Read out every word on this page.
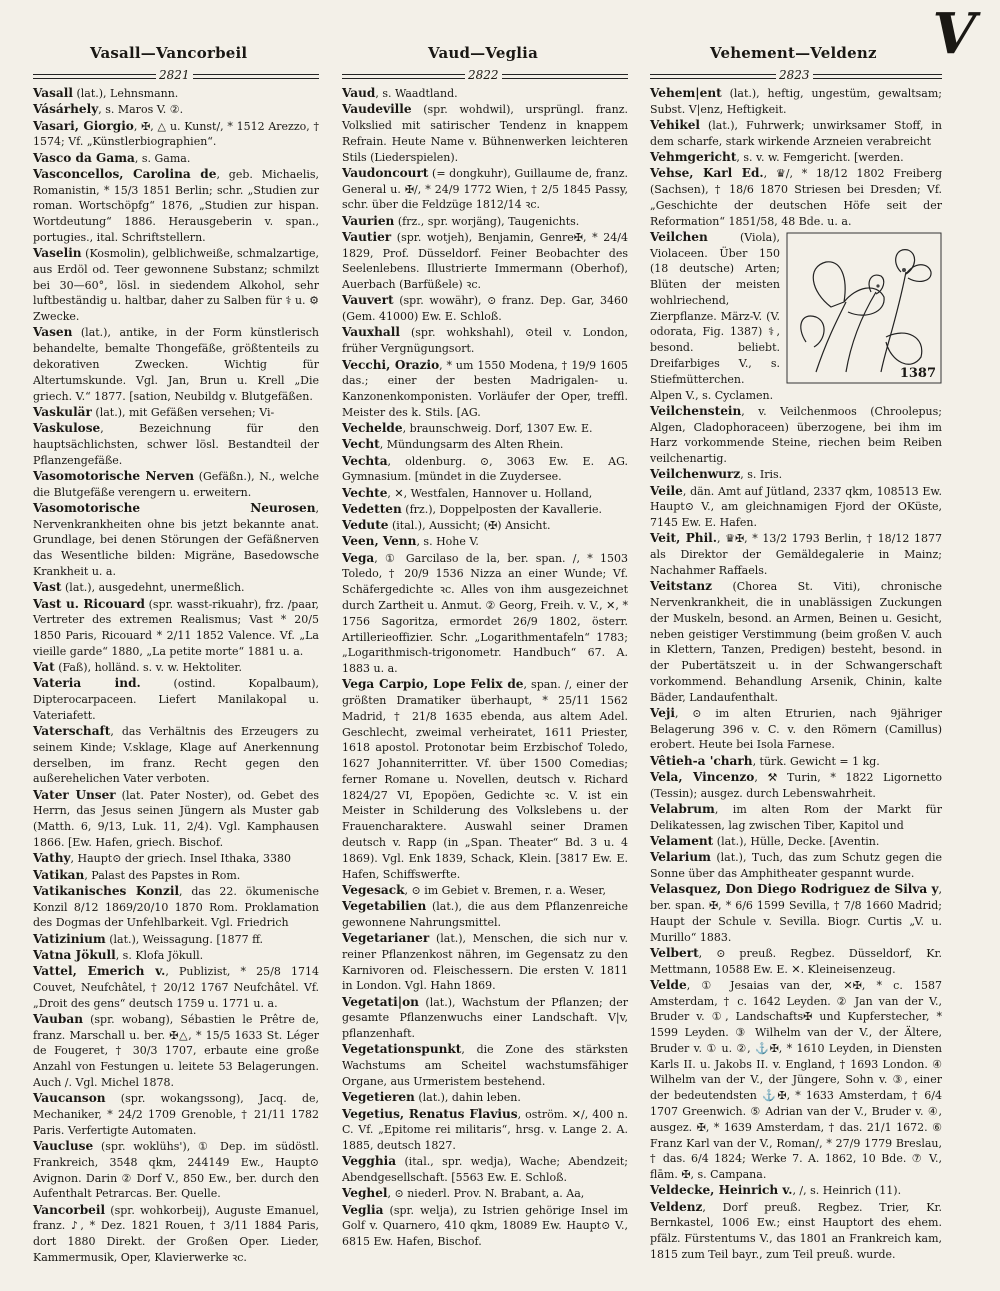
Vasall—Vancorbeil	Vaud—Veglia	Vehement—Veldenz V
2821	2822	2823

Vasall (lat.), Lehnsmann.

Vásárhely, s. Maros V. ②.

Vasari, Giorgio, ✠, △ u. Kunst/, * 1512 Arezzo, † 1574; Vf. „Künstlerbiographien“.

Vasco da Gama, s. Gama.

Vasconcellos, Carolina de, geb. Michaelis, Romanistin, * 15/3 1851 Berlin; schr. „Studien zur roman. Wortschöpfg“ 1876, „Studien zur hispan. Wortdeutung“ 1886. Herausgeberin v. span., portugies., ital. Schriftstellern.

Vaselin (Kosmolin), gelblichweiße, schmalzartige, aus Erdöl od. Teer gewonnene Substanz; schmilzt bei 30—60°, lösl. in siedendem Alkohol, sehr luftbeständig u. haltbar, daher zu Salben für ⚕ u. ⚙ Zwecke.

Vasen (lat.), antike, in der Form künstlerisch behandelte, bemalte Thongefäße, größtenteils zu dekorativen Zwecken. Wichtig für Altertumskunde. Vgl. Jan, Brun u. Krell „Die griech. V.“ 1877. [sation, Neubildg v. Blutgefäßen.

Vaskulär (lat.), mit Gefäßen versehen; Vi-

Vaskulose, Bezeichnung für den hauptsächlichsten, schwer lösl. Bestandteil der Pflanzengefäße.

Vasomotorische Nerven (Gefäßn.), N., welche die Blutgefäße verengern u. erweitern.

Vasomotorische Neurosen, Nervenkrankheiten ohne bis jetzt bekannte anat. Grundlage, bei denen Störungen der Gefäßnerven das Wesentliche bilden: Migräne, Basedowsche Krankheit u. a.

Vast (lat.), ausgedehnt, unermeßlich.

Vast u. Ricouard (spr. wasst-rikuahr), frz. /paar, Vertreter des extremen Realismus; Vast * 20/5 1850 Paris, Ricouard * 2/11 1852 Valence. Vf. „La vieille garde“ 1880, „La petite morte“ 1881 u. a.

Vat (Faß), holländ. s. v. w. Hektoliter.

Vateria ind. (ostind. Kopalbaum), Dipterocarpaceen. Liefert Manilakopal u. Vateriafett.

Vaterschaft, das Verhältnis des Erzeugers zu seinem Kinde; V.sklage, Klage auf Anerkennung derselben, im franz. Recht gegen den außerehelichen Vater verboten.

Vater Unser (lat. Pater Noster), od. Gebet des Herrn, das Jesus seinen Jüngern als Muster gab (Matth. 6, 9/13, Luk. 11, 2/4). Vgl. Kamphausen 1866. [Ew. Hafen, griech. Bischof.

Vathy, Haupt⊙ der griech. Insel Ithaka, 3380

Vatikan, Palast des Papstes in Rom.

Vatikanisches Konzil, das 22. ökumenische Konzil 8/12 1869/20/10 1870 Rom. Proklamation des Dogmas der Unfehlbarkeit. Vgl. Friedrich

Vatizinium (lat.), Weissagung. [1877 ff.

Vatna Jökull, s. Klofa Jökull.

Vattel, Emerich v., Publizist, * 25/8 1714 Couvet, Neufchâtel, † 20/12 1767 Neufchâtel. Vf. „Droit des gens“ deutsch 1759 u. 1771 u. a.

Vauban (spr. wobang), Sébastien le Prêtre de, franz. Marschall u. ber. ✠△, * 15/5 1633 St. Léger de Fougeret, † 30/3 1707, erbaute eine große Anzahl von Festungen u. leitete 53 Belagerungen. Auch /. Vgl. Michel 1878.

Vaucanson (spr. wokangssong), Jacq. de, Mechaniker, * 24/2 1709 Grenoble, † 21/11 1782 Paris. Verfertigte Automaten.

Vaucluse (spr. woklühs'), ① Dep. im südöstl. Frankreich, 3548 qkm, 244149 Ew., Haupt⊙ Avignon. Darin ② Dorf V., 850 Ew., ber. durch den Aufenthalt Petrarcas. Ber. Quelle.

Vancorbeil (spr. wohkorbeij), Auguste Emanuel, franz. ♪, * Dez. 1821 Rouen, † 3/11 1884 Paris, dort 1880 Direkt. der Großen Oper. Lieder, Kammermusik, Oper, Klavierwerke ꝛc.

Vaud, s. Waadtland.

Vaudeville (spr. wohdwil), ursprüngl. franz. Volkslied mit satirischer Tendenz in knappem Refrain. Heute Name v. Bühnenwerken leichteren Stils (Liederspielen).

Vaudoncourt (= dongkuhr), Guillaume de, franz. General u. ✠/, * 24/9 1772 Wien, † 2/5 1845 Passy, schr. über die Feldzüge 1812/14 ꝛc.

Vaurien (frz., spr. worjäng), Taugenichts.

Vautier (spr. wotjeh), Benjamin, Genre✠, * 24/4 1829, Prof. Düsseldorf. Feiner Beobachter des Seelenlebens. Illustrierte Immermann (Oberhof), Auerbach (Barfüßele) ꝛc.

Vauvert (spr. wowähr), ⊙ franz. Dep. Gar, 3460 (Gem. 41000) Ew. E. Schloß.

Vauxhall (spr. wohkshahl), ⊙teil v. London, früher Vergnügungsort.

Vecchi, Orazio, * um 1550 Modena, † 19/9 1605 das.; einer der besten Madrigalen- u. Kanzonenkomponisten. Vorläufer der Oper, treffl. Meister des k. Stils. [AG.

Vechelde, braunschweig. Dorf, 1307 Ew. E.

Vecht, Mündungsarm des Alten Rhein.

Vechta, oldenburg. ⊙, 3063 Ew. E. AG. Gymnasium. [mündet in die Zuydersee.

Vechte, ✕, Westfalen, Hannover u. Holland,

Vedetten (frz.), Doppelposten der Kavallerie.

Vedute (ital.), Aussicht; (✠) Ansicht.

Veen, Venn, s. Hohe V.

Vega, ① Garcilaso de la, ber. span. /, * 1503 Toledo, † 20/9 1536 Nizza an einer Wunde; Vf. Schäfergedichte ꝛc. Alles von ihm ausgezeichnet durch Zartheit u. Anmut. ② Georg, Freih. v. V., ✕, * 1756 Sagoritza, ermordet 26/9 1802, österr. Artillerieoffizier. Schr. „Logarithmentafeln“ 1783; „Logarithmisch-trigonometr. Handbuch“ 67. A. 1883 u. a.

Vega Carpio, Lope Felix de, span. /, einer der größten Dramatiker überhaupt, * 25/11 1562 Madrid, † 21/8 1635 ebenda, aus altem Adel. Geschlecht, zweimal verheiratet, 1611 Priester, 1618 apostol. Protonotar beim Erzbischof Toledo, 1627 Johanniterritter. Vf. über 1500 Comedias; ferner Romane u. Novellen, deutsch v. Richard 1824/27 VI, Epopöen, Gedichte ꝛc. V. ist ein Meister in Schilderung des Volkslebens u. der Frauencharaktere. Auswahl seiner Dramen deutsch v. Rapp (in „Span. Theater“ Bd. 3 u. 4 1869). Vgl. Enk 1839, Schack, Klein. [3817 Ew. E. Hafen, Schiffswerfte.

Vegesack, ⊙ im Gebiet v. Bremen, r. a. Weser,

Vegetabilien (lat.), die aus dem Pflanzenreiche gewonnene Nahrungsmittel.

Vegetarianer (lat.), Menschen, die sich nur v. reiner Pflanzenkost nähren, im Gegensatz zu den Karnivoren od. Fleischessern. Die ersten V. 1811 in London. Vgl. Hahn 1869.

Vegetati|on (lat.), Wachstum der Pflanzen; der gesamte Pflanzenwuchs einer Landschaft. V|v, pflanzenhaft.

Vegetationspunkt, die Zone des stärksten Wachstums am Scheitel wachstumsfähiger Organe, aus Urmeristem bestehend.

Vegetieren (lat.), dahin leben.

Vegetius, Renatus Flavius, oström. ✕/, 400 n. C. Vf. „Epitome rei militaris“, hrsg. v. Lange 2. A. 1885, deutsch 1827.

Vegghia (ital., spr. wedja), Wache; Abendzeit; Abendgesellschaft. [5563 Ew. E. Schloß.

Veghel, ⊙ niederl. Prov. N. Brabant, a. Aa,

Veglia (spr. welja), zu Istrien gehörige Insel im Golf v. Quarnero, 410 qkm, 18089 Ew. Haupt⊙ V., 6815 Ew. Hafen, Bischof.

Vehem|ent (lat.), heftig, ungestüm, gewaltsam; Subst. V|enz, Heftigkeit.

Vehikel (lat.), Fuhrwerk; unwirksamer Stoff, in dem scharfe, stark wirkende Arzneien verabreicht

Vehmgericht, s. v. w. Femgericht. [werden.

Vehse, Karl Ed., ♛/, * 18/12 1802 Freiberg (Sachsen), † 18/6 1870 Striesen bei Dresden; Vf. „Geschichte der deutschen Höfe seit der Reformation“ 1851/58, 48 Bde. u. a.

1387
Veilchen (Viola), Violaceen. Über 150 (18 deutsche) Arten; Blüten der meisten wohlriechend, Zierpflanze. März-V. (V. odorata, Fig. 1387) ⚕, besond. beliebt. Dreifarbiges V., s. Stiefmütterchen. Alpen V., s. Cyclamen.

Veilchenstein, v. Veilchenmoos (Chroolepus; Algen, Cladophoraceen) überzogene, bei ihm im Harz vorkommende Steine, riechen beim Reiben veilchenartig.

Veilchenwurz, s. Iris.

Veile, dän. Amt auf Jütland, 2337 qkm, 108513 Ew. Haupt⊙ V., am gleichnamigen Fjord der OKüste, 7145 Ew. E. Hafen.

Veit, Phil., ♛✠, * 13/2 1793 Berlin, † 18/12 1877 als Direktor der Gemäldegalerie in Mainz; Nachahmer Raffaels.

Veitstanz (Chorea St. Viti), chronische Nervenkrankheit, die in unablässigen Zuckungen der Muskeln, besond. an Armen, Beinen u. Gesicht, neben geistiger Verstimmung (beim großen V. auch in Klettern, Tanzen, Predigen) besteht, besond. in der Pubertätszeit u. in der Schwangerschaft vorkommend. Behandlung Arsenik, Chinin, kalte Bäder, Landaufenthalt.

Veji, ⊙ im alten Etrurien, nach 9jähriger Belagerung 396 v. C. v. den Römern (Camillus) erobert. Heute bei Isola Farnese.

Vêtieh-a 'charh, türk. Gewicht = 1 kg.

Vela, Vincenzo, ⚒ Turin, * 1822 Ligornetto (Tessin); ausgez. durch Lebenswahrheit.

Velabrum, im alten Rom der Markt für Delikatessen, lag zwischen Tiber, Kapitol und

Velament (lat.), Hülle, Decke. [Aventin.

Velarium (lat.), Tuch, das zum Schutz gegen die Sonne über das Amphitheater gespannt wurde.

Velasquez, Don Diego Rodriguez de Silva y, ber. span. ✠, * 6/6 1599 Sevilla, † 7/8 1660 Madrid; Haupt der Schule v. Sevilla. Biogr. Curtis „V. u. Murillo“ 1883.

Velbert, ⊙ preuß. Regbez. Düsseldorf, Kr. Mettmann, 10588 Ew. E. ✕. Kleineisenzeug.

Velde, ① Jesaias van der, ✕✠, * c. 1587 Amsterdam, † c. 1642 Leyden. ② Jan van der V., Bruder v. ①, Landschafts✠ und Kupferstecher, * 1599 Leyden. ③ Wilhelm van der V., der Ältere, Bruder v. ① u. ②, ⚓✠, * 1610 Leyden, in Diensten Karls II. u. Jakobs II. v. England, † 1693 London. ④ Wilhelm van der V., der Jüngere, Sohn v. ③, einer der bedeutendsten ⚓✠, * 1633 Amsterdam, † 6/4 1707 Greenwich. ⑤ Adrian van der V., Bruder v. ④, ausgez. ✠, * 1639 Amsterdam, † das. 21/1 1672. ⑥ Franz Karl van der V., Roman/, * 27/9 1779 Breslau, † das. 6/4 1824; Werke 7. A. 1862, 10 Bde. ⑦ V., flām. ✠, s. Campana.

Veldecke, Heinrich v., /, s. Heinrich (11).

Veldenz, Dorf preuß. Regbez. Trier, Kr. Bernkastel, 1006 Ew.; einst Hauptort des ehem. pfälz. Fürstentums V., das 1801 an Frankreich kam, 1815 zum Teil bayr., zum Teil preuß. wurde.
